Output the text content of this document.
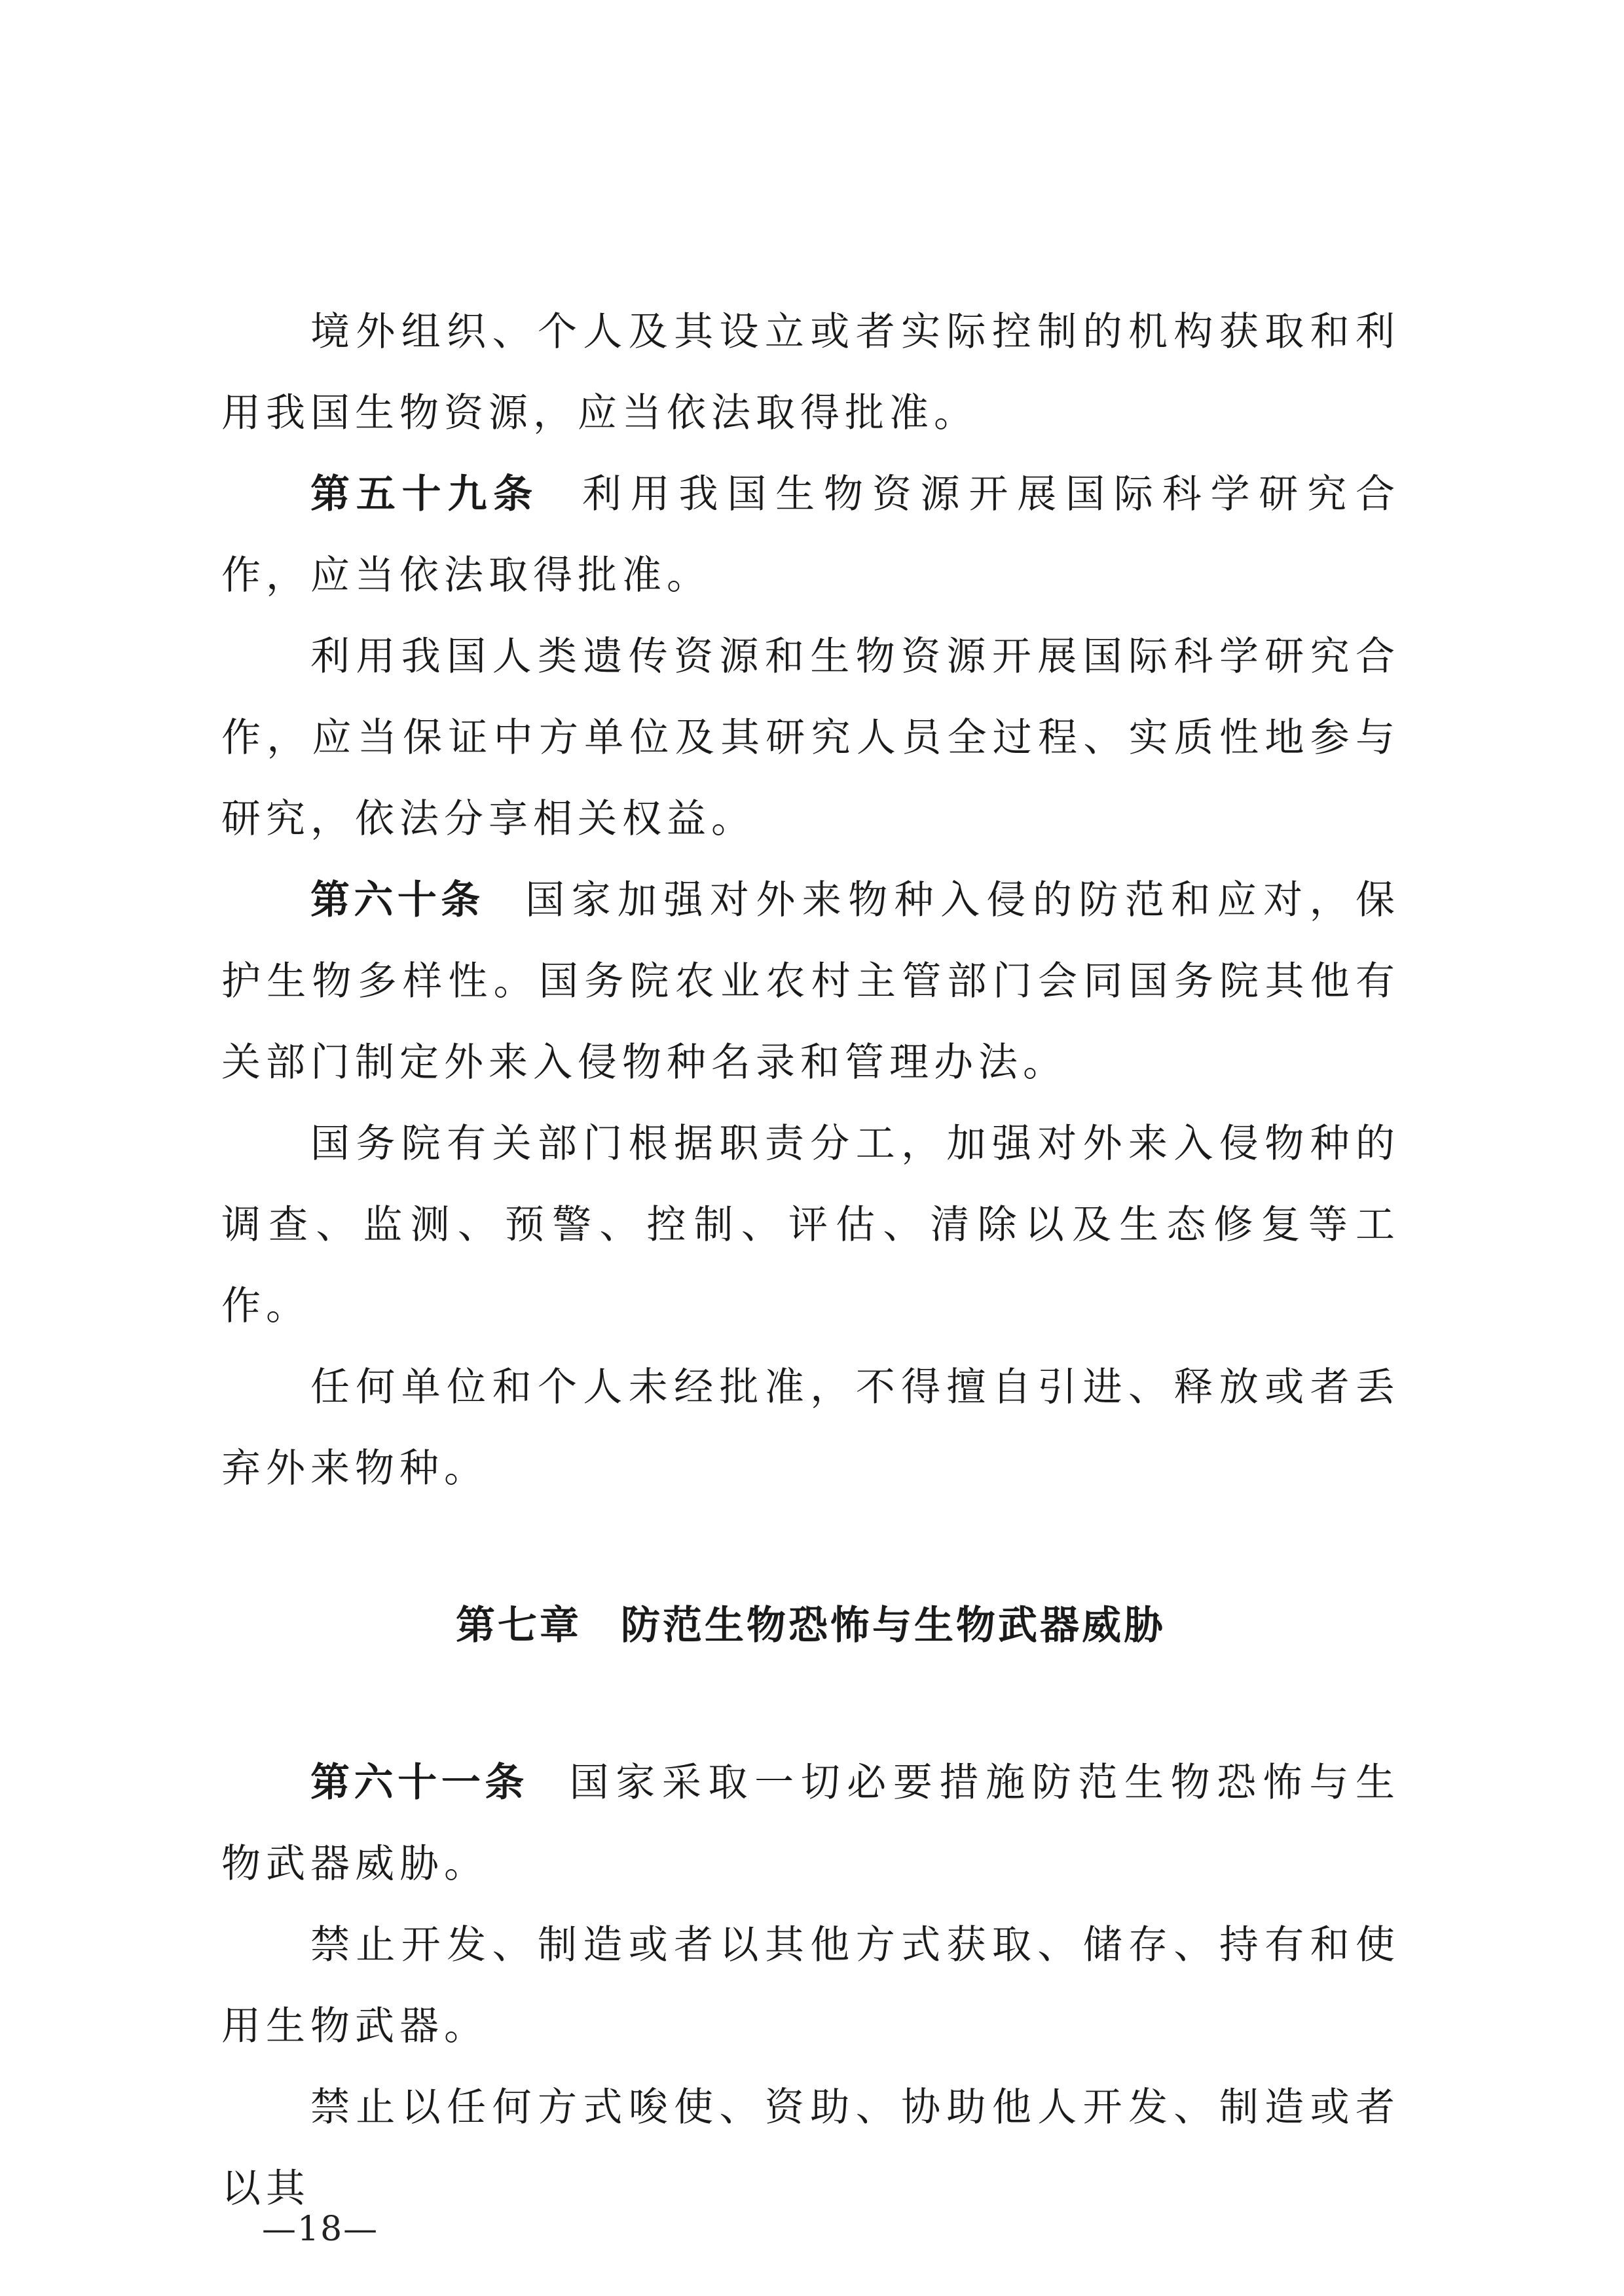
境外组织、个人及其设立或者实际控制的机构获取和利用我国生物资源，应当依法取得批准。

第五十九条 利用我国生物资源开展国际科学研究合作，应当依法取得批准。

利用我国人类遗传资源和生物资源开展国际科学研究合作，应当保证中方单位及其研究人员全过程、实质性地参与研究，依法分享相关权益。

第六十条 国家加强对外来物种入侵的防范和应对，保护生物多样性。国务院农业农村主管部门会同国务院其他有关部门制定外来入侵物种名录和管理办法。

国务院有关部门根据职责分工，加强对外来入侵物种的调查、监测、预警、控制、评估、清除以及生态修复等工作。

任何单位和个人未经批准，不得擅自引进、释放或者丢弃外来物种。

第七章 防范生物恐怖与生物武器威胁

第六十一条 国家采取一切必要措施防范生物恐怖与生物武器威胁。

禁止开发、制造或者以其他方式获取、储存、持有和使用生物武器。

禁止以任何方式唆使、资助、协助他人开发、制造或者以其

—18—
